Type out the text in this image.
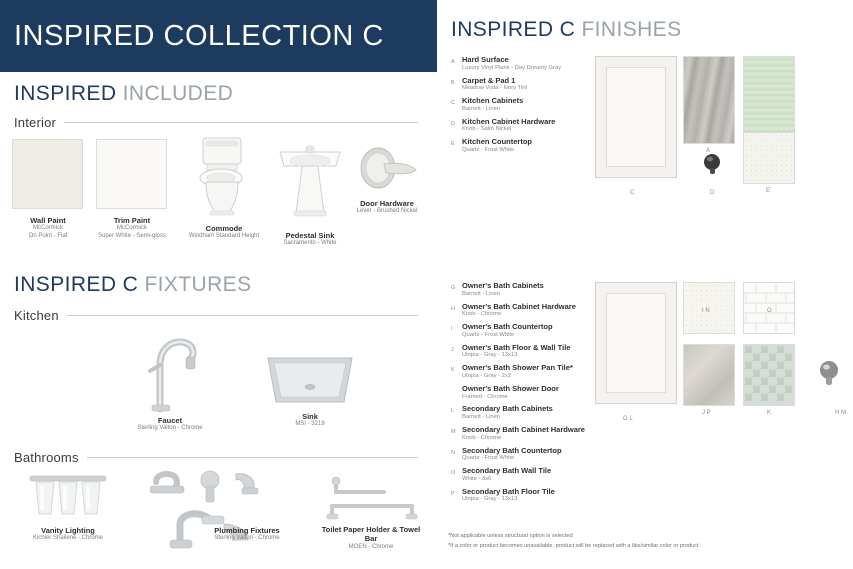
INSPIRED COLLECTION C
INSPIRED INCLUDED
Interior
Wall Paint
McCormick
On Point - Flat
Trim Paint
McCormick
Super White - Semi-gloss
Commode
Windham Standard Height	Pedestal Sink
Sacramento - White
Door Hardware
Lever - Brushed Nickel
INSPIRED C FIXTURES
Kitchen
Faucet
Sterling Valton - Chrome
Sink
MSI - 3219
Bathrooms
Vanity Lighting
Kichler Shailene - Chrome
Plumbing Fixtures
Sterling Valton - Chrome
Toilet Paper Holder & Towel Bar
MOEN - Chrome
INSPIRED C FINISHES
A Hard Surface
Luxury Vinyl Plank - Day Dreamy Gray
B Carpet & Pad 1
Meadow Vista - Ivory Tint
C Kitchen Cabinets
Barnett - Linen
D Kitchen Cabinet Hardware
Knob - Satin Nickel
E Kitchen Countertop
Quartz - Frost White
C
A
D	E
G Owner's Bath Cabinets
Barnett - Linen
H Owner's Bath Cabinet Hardware
Knob - Chrome
I	Owner's Bath Countertop
Quartz - Frost White
J	Owner's Bath Floor & Wall Tile
Utopia - Gray - 13x13
K Owner's Bath Shower Pan Tile*
Utopia - Gray - 2x2
Owner's Bath Shower Door
Framed - Chrome
L	Secondary Bath Cabinets
Barnett - Linen
M Secondary Bath Cabinet Hardware
Knob - Chrome
N Secondary Bath Countertop
Quartz - Frost White
O Secondary Bath Wall Tile
White - 3x6
P Secondary Bath Floor Tile
Utopia - Gray - 13x13
G L
I N	O
J P	K	H M
*Not applicable unless structural option is selected
*If a color or product becomes unavailable, product will be replaced with a like/similar color or product.
